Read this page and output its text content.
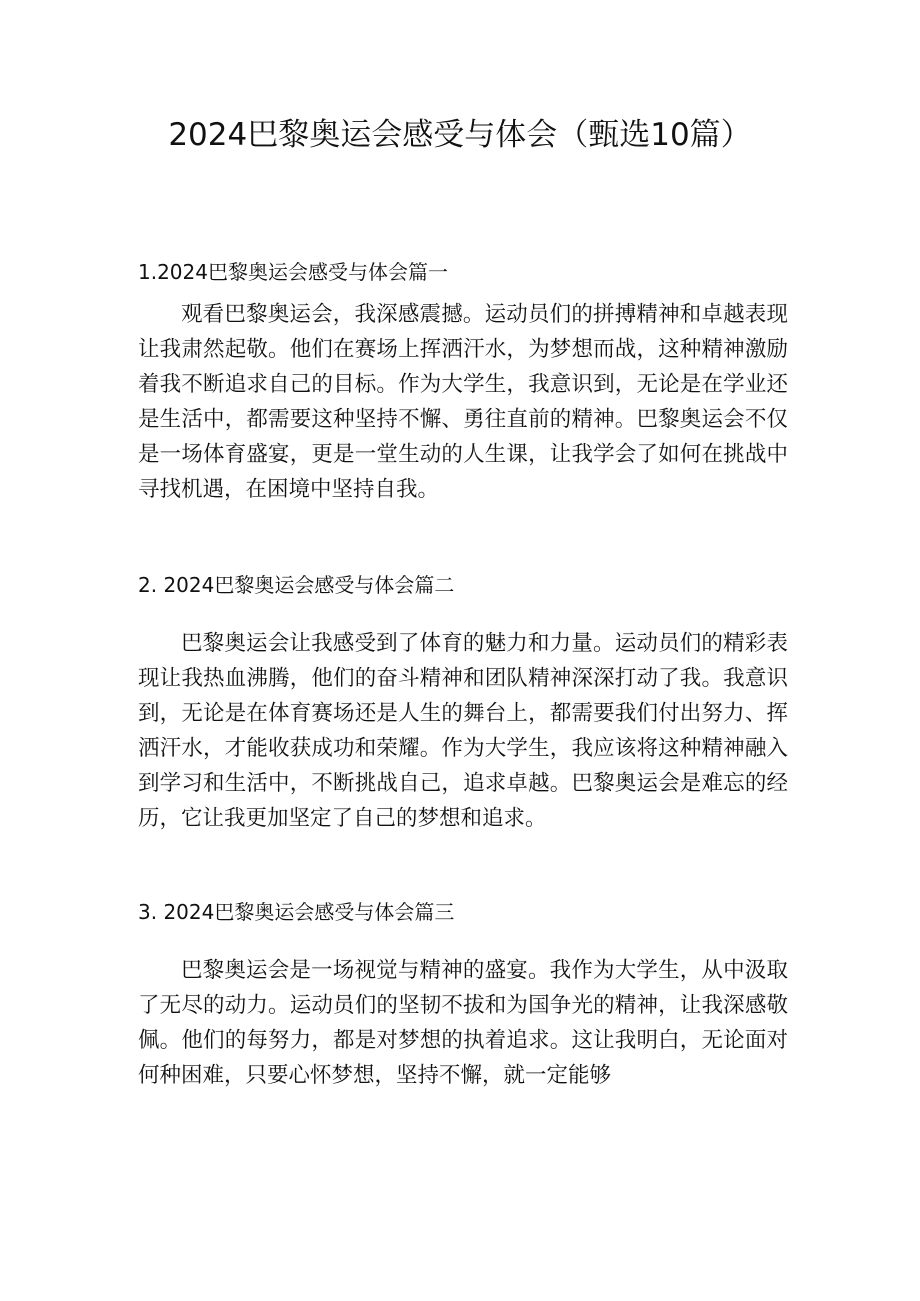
2024巴黎奥运会感受与体会（甄选10篇）
1.2024巴黎奥运会感受与体会篇一
观看巴黎奥运会，我深感震撼。运动员们的拼搏精神和卓越表现让我肃然起敬。他们在赛场上挥洒汗水，为梦想而战，这种精神激励着我不断追求自己的目标。作为大学生，我意识到，无论是在学业还是生活中，都需要这种坚持不懈、勇往直前的精神。巴黎奥运会不仅是一场体育盛宴，更是一堂生动的人生课，让我学会了如何在挑战中寻找机遇，在困境中坚持自我。
2. 2024巴黎奥运会感受与体会篇二
巴黎奥运会让我感受到了体育的魅力和力量。运动员们的精彩表现让我热血沸腾，他们的奋斗精神和团队精神深深打动了我。我意识到，无论是在体育赛场还是人生的舞台上，都需要我们付出努力、挥洒汗水，才能收获成功和荣耀。作为大学生，我应该将这种精神融入到学习和生活中，不断挑战自己，追求卓越。巴黎奥运会是难忘的经历，它让我更加坚定了自己的梦想和追求。
3. 2024巴黎奥运会感受与体会篇三
巴黎奥运会是一场视觉与精神的盛宴。我作为大学生，从中汲取了无尽的动力。运动员们的坚韧不拔和为国争光的精神，让我深感敬佩。他们的每努力，都是对梦想的执着追求。这让我明白，无论面对何种困难，只要心怀梦想，坚持不懈，就一定能够
